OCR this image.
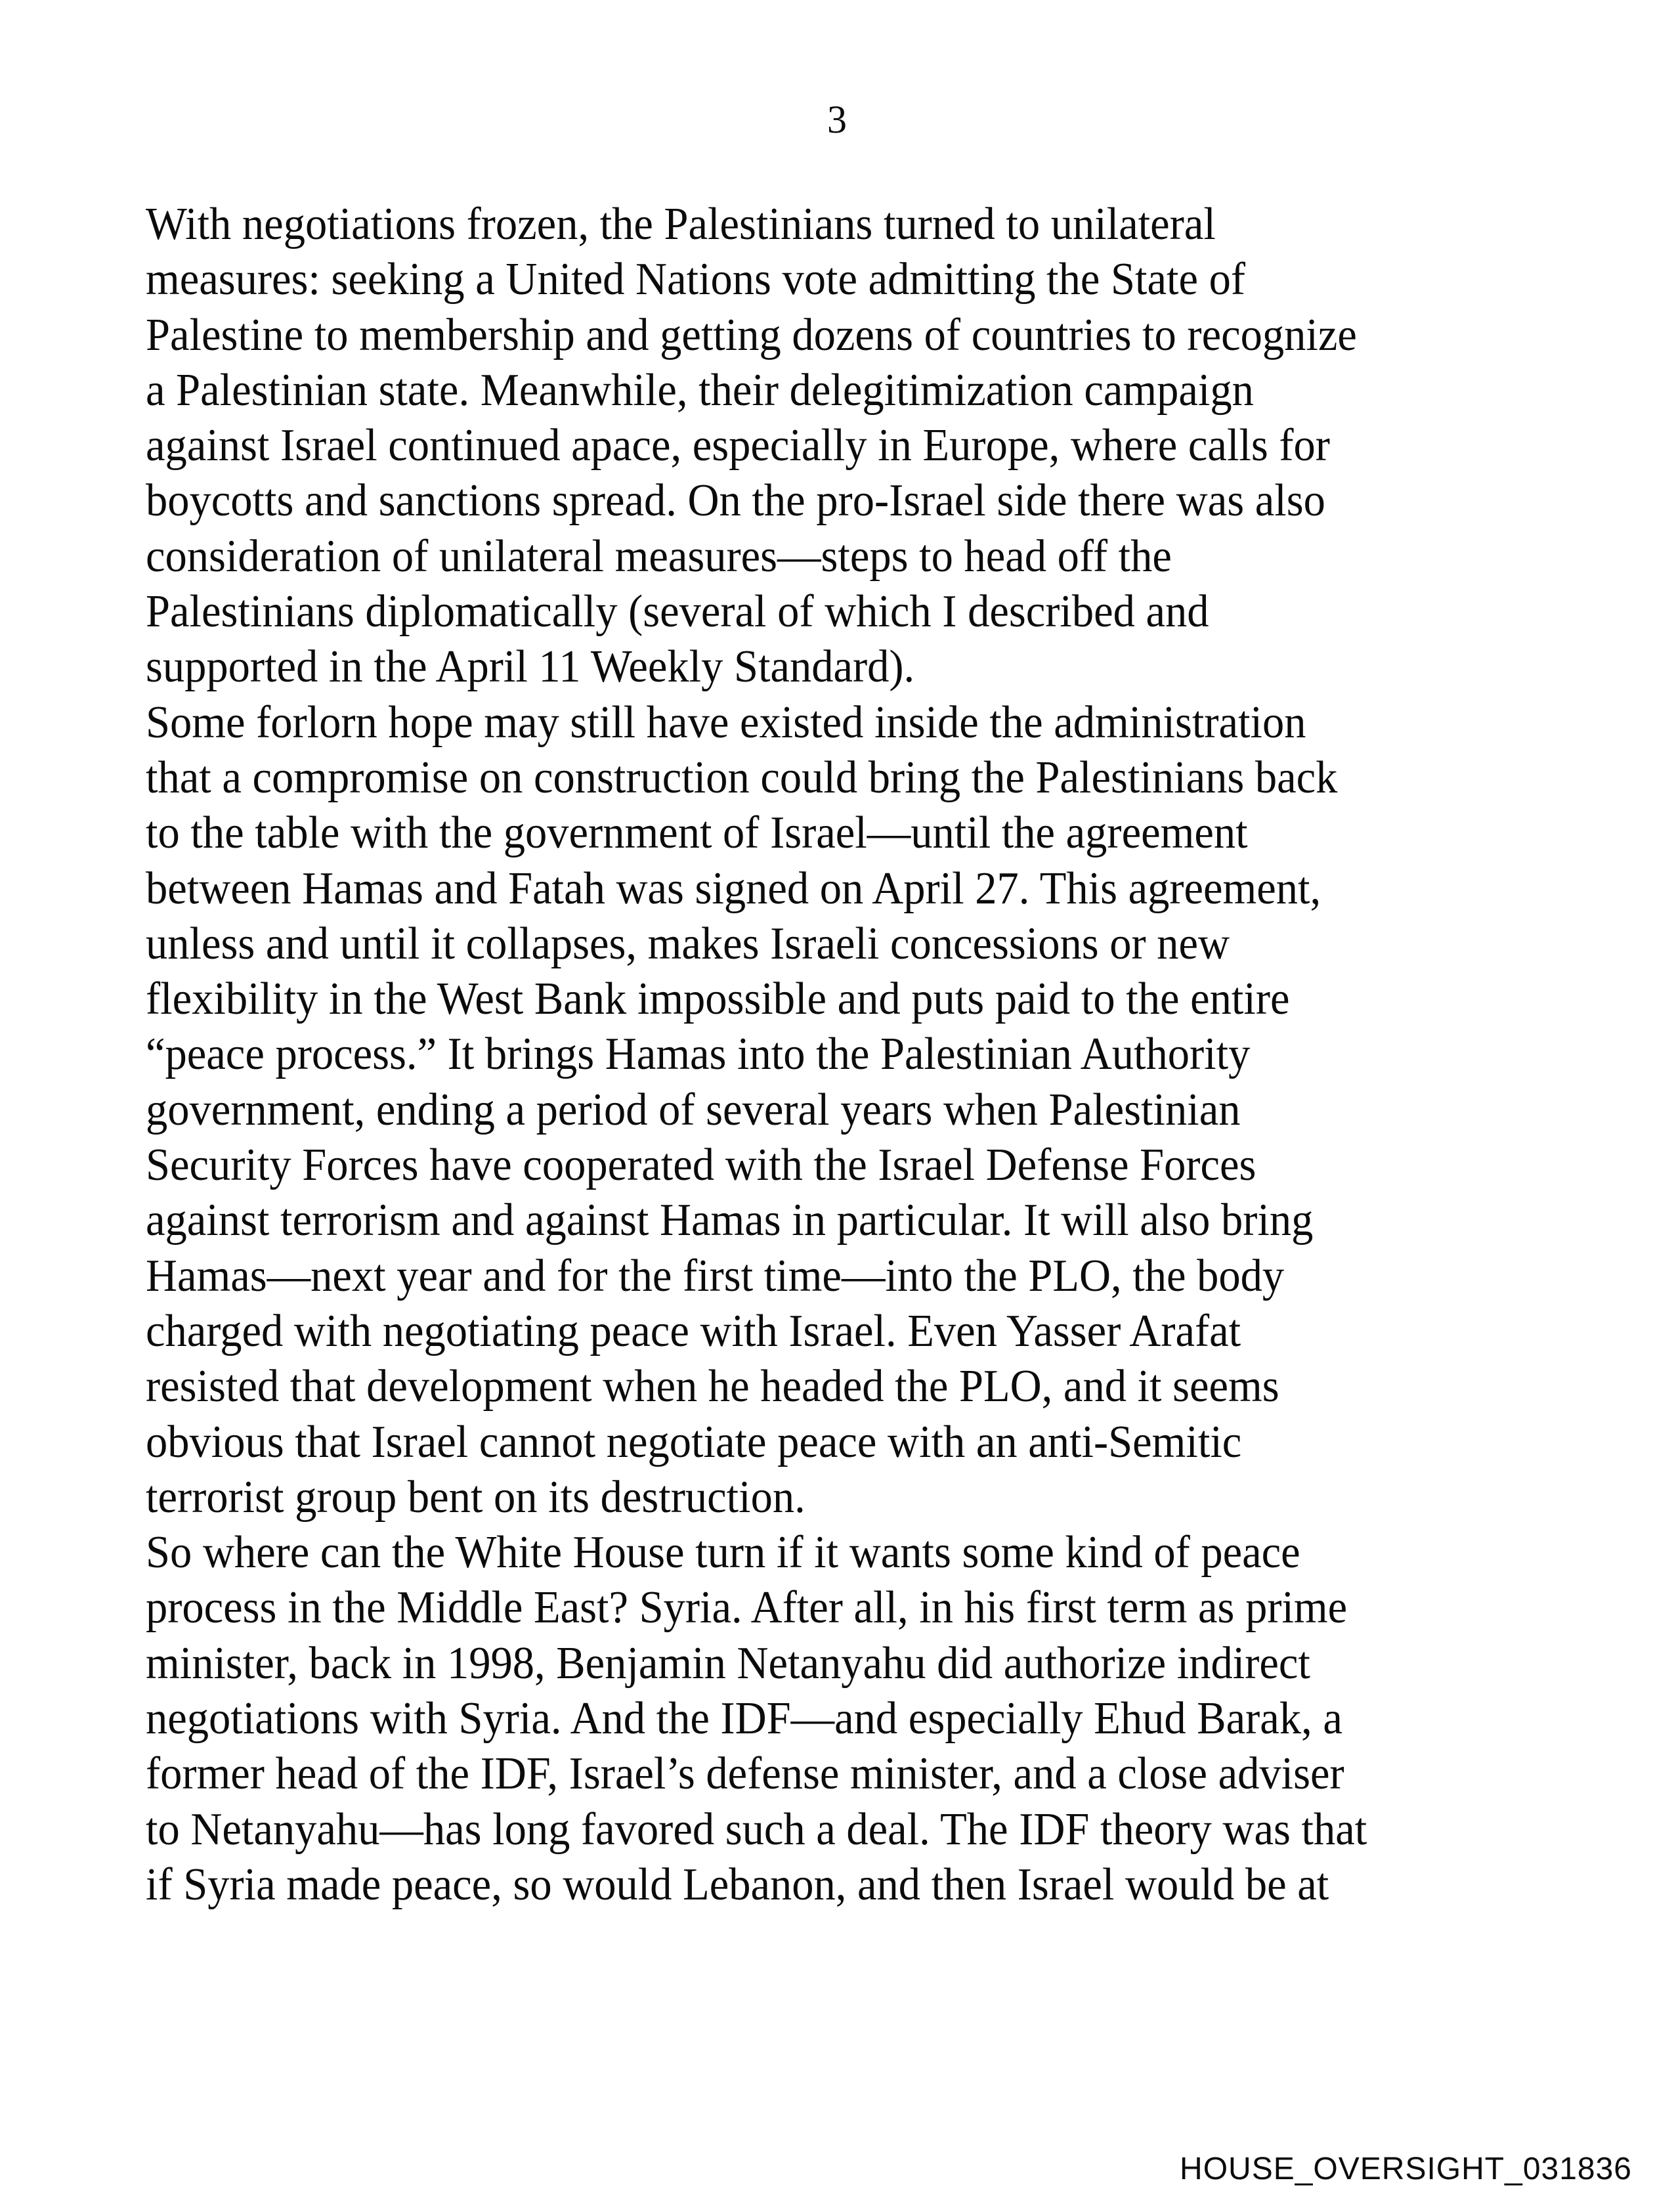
3
With negotiations frozen, the Palestinians turned to unilateral
measures: seeking a United Nations vote admitting the State of
Palestine to membership and getting dozens of countries to recognize
a Palestinian state. Meanwhile, their delegitimization campaign
against Israel continued apace, especially in Europe, where calls for
boycotts and sanctions spread. On the pro-Israel side there was also
consideration of unilateral measures—steps to head off the
Palestinians diplomatically (several of which I described and
supported in the April 11 Weekly Standard).
Some forlorn hope may still have existed inside the administration
that a compromise on construction could bring the Palestinians back
to the table with the government of Israel—until the agreement
between Hamas and Fatah was signed on April 27. This agreement,
unless and until it collapses, makes Israeli concessions or new
flexibility in the West Bank impossible and puts paid to the entire
“peace process.” It brings Hamas into the Palestinian Authority
government, ending a period of several years when Palestinian
Security Forces have cooperated with the Israel Defense Forces
against terrorism and against Hamas in particular. It will also bring
Hamas—next year and for the first time—into the PLO, the body
charged with negotiating peace with Israel. Even Yasser Arafat
resisted that development when he headed the PLO, and it seems
obvious that Israel cannot negotiate peace with an anti-Semitic
terrorist group bent on its destruction.
So where can the White House turn if it wants some kind of peace
process in the Middle East? Syria. After all, in his first term as prime
minister, back in 1998, Benjamin Netanyahu did authorize indirect
negotiations with Syria. And the IDF—and especially Ehud Barak, a
former head of the IDF, Israel’s defense minister, and a close adviser
to Netanyahu—has long favored such a deal. The IDF theory was that
if Syria made peace, so would Lebanon, and then Israel would be at
HOUSE_OVERSIGHT_031836
